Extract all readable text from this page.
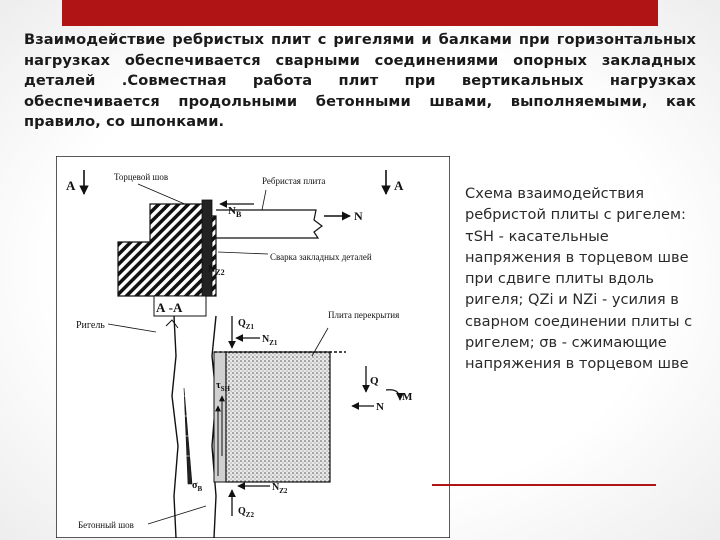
Взаимодействие ребристых плит с ригелями и балками при горизонтальных нагрузках обеспечивается сварными соединениями опорных закладных деталей .Совместная работа плит при вертикальных нагрузках обеспечивается продольными бетонными швами, выполняемыми, как правило, со шпонками.

A
Торцевой шов	Ребристая плита
$N_B$	N
Сварка закладных деталей
$N_{Z2}$
A
А -А
Ригель	$Q_{Z1}$
$N_{Z1}$
Плита перекрытия
$\tau_{SH}$
Q
M
N
$\sigma_B$	$N_{Z2}$
$Q_{Z2}$
Бетонный шов

Схема взаимодействия ребристой плиты с ригелем: τSH - касательные напряжения в торцевом шве при сдвиге плиты вдоль ригеля; QZi и NZi - усилия в сварном соединении плиты с ригелем; σв - сжимающие напряжения в торцевом шве
